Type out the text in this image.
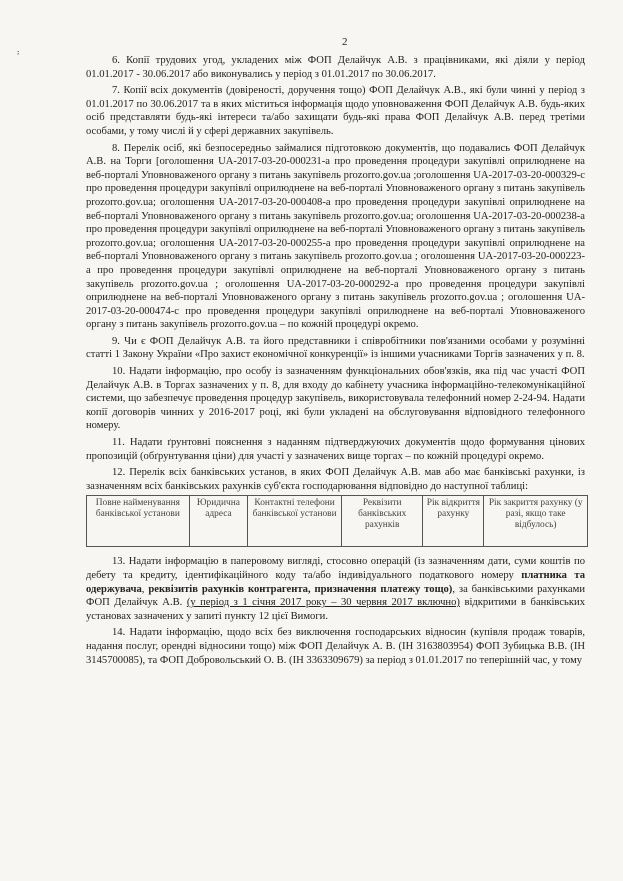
2
፡

6. Копії трудових угод, укладених між ФОП Делайчук А.В. з працівниками, які діяли у період 01.01.2017 - 30.06.2017 або виконувались у період з 01.01.2017 по 30.06.2017.

7. Копії всіх документів (довіреності, доручення тощо) ФОП Делайчук А.В., які були чинні у період з 01.01.2017 по 30.06.2017 та в яких міститься інформація щодо уповноваження ФОП Делайчук А.В. будь-яких осіб представляти будь-які інтереси та/або захищати будь-які права ФОП Делайчук А.В. перед третіми особами, у тому числі й у сфері державних закупівель.

8. Перелік осіб, які безпосередньо займалися підготовкою документів, що подавались ФОП Делайчук А.В. на Торги [оголошення UA-2017-03-20-000231-а про проведення процедури закупівлі оприлюднене на веб-порталі Уповноваженого органу з питань закупівель prozorro.gov.ua ;оголошення UA-2017-03-20-000329-с про проведення процедури закупівлі оприлюднене на веб-порталі Уповноваженого органу з питань закупівель prozorro.gov.ua; оголошення UA-2017-03-20-000408-а про проведення процедури закупівлі оприлюднене на веб-порталі Уповноваженого органу з питань закупівель prozorro.gov.ua; оголошення UA-2017-03-20-000238-а про проведення процедури закупівлі оприлюднене на веб-порталі Уповноваженого органу з питань закупівель prozorro.gov.ua; оголошення UA-2017-03-20-000255-а про проведення процедури закупівлі оприлюднене на веб-порталі Уповноваженого органу з питань закупівель prozorro.gov.ua ; оголошення UA-2017-03-20-000223-а про проведення процедури закупівлі оприлюднене на веб-порталі Уповноваженого органу з питань закупівель prozorro.gov.ua ; оголошення UA-2017-03-20-000292-а про проведення процедури закупівлі оприлюднене на веб-порталі Уповноваженого органу з питань закупівель prozorro.gov.ua ; оголошення UA-2017-03-20-000474-с про проведення процедури закупівлі оприлюднене на веб-порталі Уповноваженого органу з питань закупівель prozorro.gov.ua – по кожній процедурі окремо.

9. Чи є ФОП Делайчук А.В. та його представники і співробітники пов'язаними особами у розумінні статті 1 Закону України «Про захист економічної конкуренції» із іншими учасниками Торгів зазначених у п. 8.

10. Надати інформацію, про особу із зазначенням функціональних обов'язків, яка під час участі ФОП Делайчук А.В. в Торгах зазначених у п. 8, для входу до кабінету учасника інформаційно-телекомунікаційної системи, що забезпечує проведення процедур закупівель, використовувала телефонний номер 2-24-94. Надати копії договорів чинних у 2016-2017 році, які були укладені на обслуговування відповідного телефонного номеру.

11. Надати ґрунтовні пояснення з наданням підтверджуючих документів щодо формування цінових пропозицій (обґрунтування ціни) для участі у зазначених вище торгах – по кожній процедурі окремо.

12. Перелік всіх банківських установ, в яких ФОП Делайчук А.В. мав або має банківські рахунки, із зазначенням всіх банківських рахунків суб'єкта господарювання відповідно до наступної таблиці:

Повне найменування банківської установи	Юридична адреса	Контактні телефони банківської установи	Реквізити банківських рахунків	Рік відкриття рахунку	Рік закриття рахунку (у разі, якщо таке відбулось)

13. Надати інформацію в паперовому вигляді, стосовно операцій (із зазначенням дати, суми коштів по дебету та кредиту, ідентифікаційного коду та/або індивідуального податкового номеру платника та одержувача, реквізитів рахунків контрагента, призначення платежу тощо), за банківськими рахунками ФОП Делайчук А.В. (у період з 1 січня 2017 року – 30 червня 2017 включно) відкритими в банківських установах зазначених у запиті пункту 12 цієї Вимоги.

14. Надати інформацію, щодо всіх без виключення господарських відносин (купівля продаж товарів, надання послуг, орендні відносини тощо) між ФОП Делайчук А. В. (ІН 3163803954) ФОП Зубицька В.В. (ІН 3145700085), та ФОП Добровольський О. В. (ІН 3363309679) за період з 01.01.2017 по теперішній час, у тому
